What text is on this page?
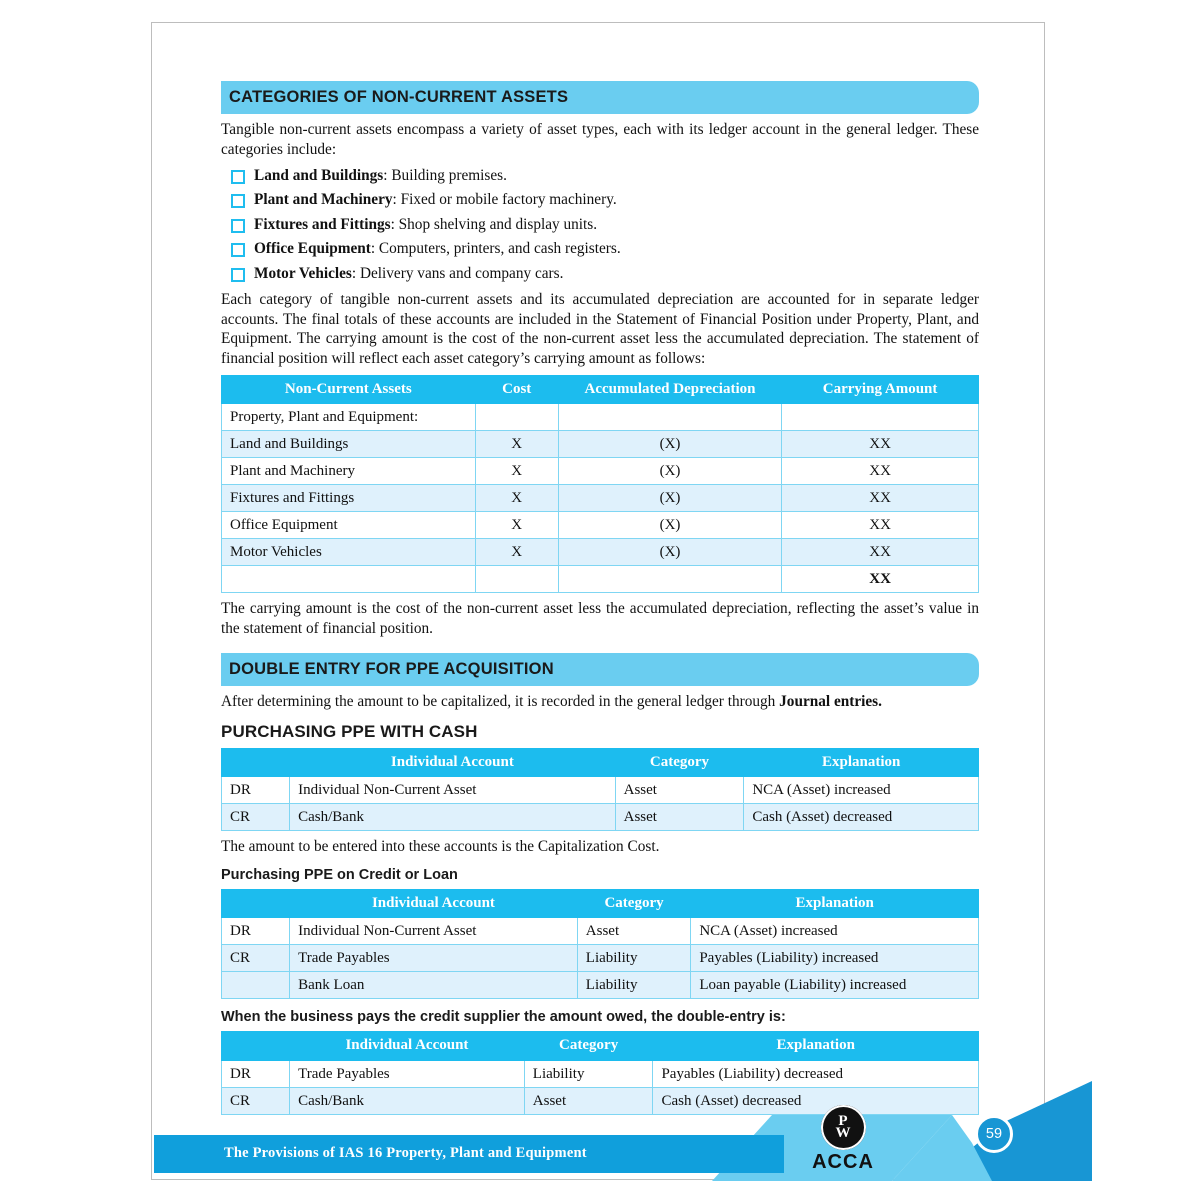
CATEGORIES OF NON-CURRENT ASSETS

Tangible non-current assets encompass a variety of asset types, each with its ledger account in the general ledger. These categories include:

Land and Buildings: Building premises.
Plant and Machinery: Fixed or mobile factory machinery.
Fixtures and Fittings: Shop shelving and display units.
Office Equipment: Computers, printers, and cash registers.
Motor Vehicles: Delivery vans and company cars.

Each category of tangible non-current assets and its accumulated depreciation are accounted for in separate ledger accounts. The final totals of these accounts are included in the Statement of Financial Position under Property, Plant, and Equipment. The carrying amount is the cost of the non-current asset less the accumulated depreciation. The statement of financial position will reflect each asset category’s carrying amount as follows:

Non-Current Assets	Cost	Accumulated Depreciation	Carrying Amount
Property, Plant and Equipment:			
Land and Buildings	X	(X)	XX
Plant and Machinery	X	(X)	XX
Fixtures and Fittings	X	(X)	XX
Office Equipment	X	(X)	XX
Motor Vehicles	X	(X)	XX
			XX

The carrying amount is the cost of the non-current asset less the accumulated depreciation, reflecting the asset’s value in the statement of financial position.

DOUBLE ENTRY FOR PPE ACQUISITION

After determining the amount to be capitalized, it is recorded in the general ledger through Journal entries.

PURCHASING PPE WITH CASH
	Individual Account	Category	Explanation
DR	Individual Non-Current Asset	Asset	NCA (Asset) increased
CR	Cash/Bank	Asset	Cash (Asset) decreased

The amount to be entered into these accounts is the Capitalization Cost.

Purchasing PPE on Credit or Loan
	Individual Account	Category	Explanation
DR	Individual Non-Current Asset	Asset	NCA (Asset) increased
CR	Trade Payables	Liability	Payables (Liability) increased
	Bank Loan	Liability	Loan payable (Liability) increased
When the business pays the credit supplier the amount owed, the double-entry is:
	Individual Account	Category	Explanation
DR	Trade Payables	Liability	Payables (Liability) decreased
CR	Cash/Bank	Asset	Cash (Asset) decreased
The Provisions of IAS 16 Property, Plant and Equipment
P
W
ACCA
59
